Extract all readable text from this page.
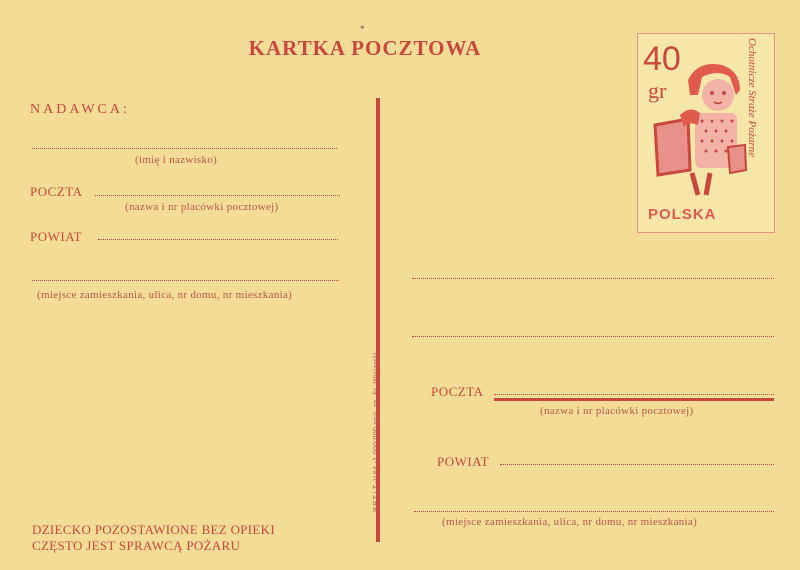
*
KARTKA POCZTOWA
NADAWCA:
(imię i nazwisko)
POCZTA
(nazwa i nr placówki pocztowej)
POWIAT
(miejsce zamieszkania, ulica, nr domu, nr mieszkania)
P.P.T.i.T.-V.64.-1 000 000 proj. zn. Fr. Winiarski	POCZTA
(nazwa i nr placówki pocztowej)
POWIAT
(miejsce zamieszkania, ulica, nr domu, nr mieszkania)
DZIECKO POZOSTAWIONE BEZ OPIEKI
CZĘSTO JEST SPRAWCĄ POŻARU
40
gr	Ochotnicze Straże Pożarne
POLSKA
